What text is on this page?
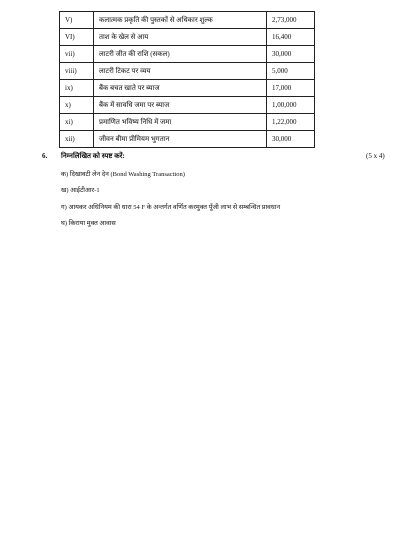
V)	कलात्मक प्रकृति की पुस्तकों से अधिकार शुल्क	2,73,000
VI)	ताश के खेल से आय	16,400
vii)	लाटरी जीत की राशि (सकल)	30,000
viii)	लाटरी टिकट पर व्यय	5,000
ix)	बैंक बचत खाते पर ब्याज	17,000
x)	बैंक में सावधि जमा पर ब्याज	1,00,000
xi)	प्रमाणित भविष्य निधि में जमा	1,22,000
xii)	जीवन बीमा प्रीमियम भुगतान	30,000
6. निम्नलिखित को स्पष्ट करें:	(5 x 4)
क) दिखावटी लेन देन (Bond Washing Transaction)
ख) आईटीआर-1
ग) आयकर अधिनियम की धारा 54 F के अन्तर्गत वर्णित करमुक्त पूँजी लाभ से सम्बन्धित प्रावधान
घ) किराया मुक्त आवास
